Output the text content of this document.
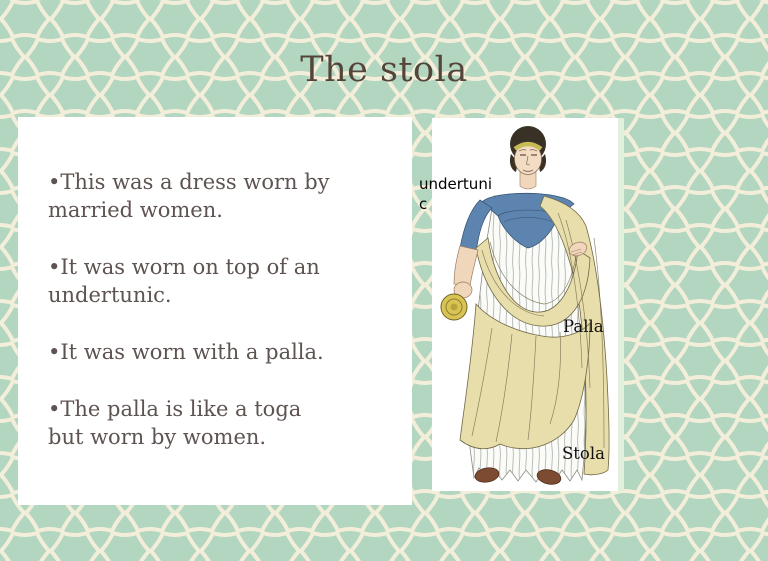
The stola
•This was a dress worn by
married women.
•It was worn on top of an
undertunic.
•It was worn with a palla.
•The palla is like a toga
but worn by women.
undertuni
c
Palla
Stola
